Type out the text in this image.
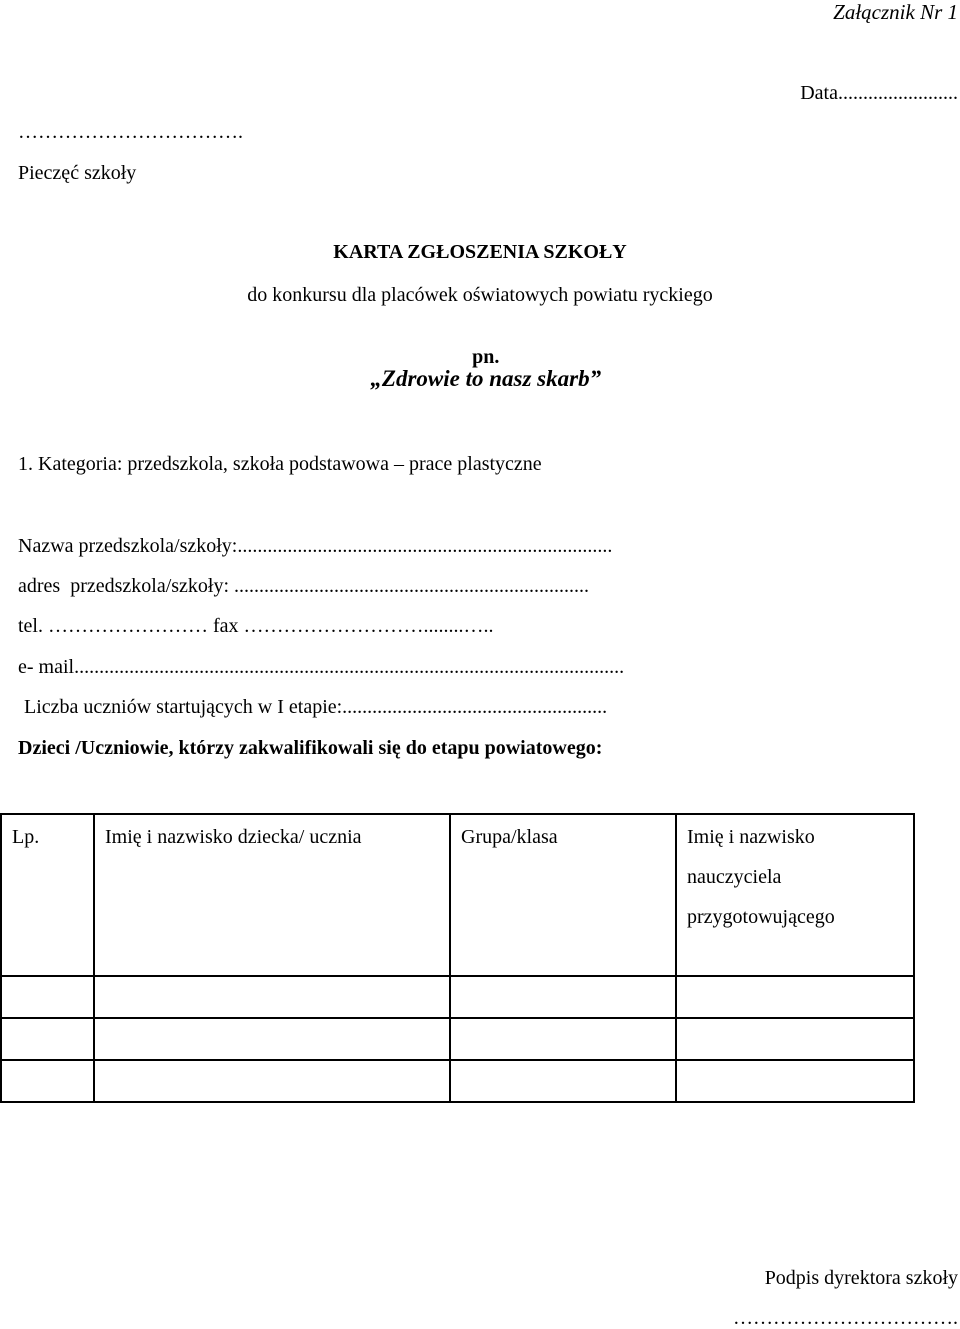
Załącznik Nr 1
Data........................
…………………………….
Pieczęć szkoły
KARTA ZGŁOSZENIA SZKOŁY
do konkursu dla placówek oświatowych powiatu ryckiego

pn.
„Zdrowie to nasz skarb”

1. Kategoria: przedszkola, szkoła podstawowa – prace plastyczne
Nazwa przedszkola/szkoły:...........................................................................
adres  przedszkola/szkoły: .......................................................................
tel. …………………… fax ………………………........…..
e- mail..............................................................................................................
Liczba uczniów startujących w I etapie:.....................................................
Dzieci /Uczniowie, którzy zakwalifikowali się do etapu powiatowego:
Lp.	Imię i nazwisko dziecka/ ucznia	Grupa/klasa	Imię i nazwisko
nauczyciela
przygotowującego

Podpis dyrektora szkoły
…………………………….
